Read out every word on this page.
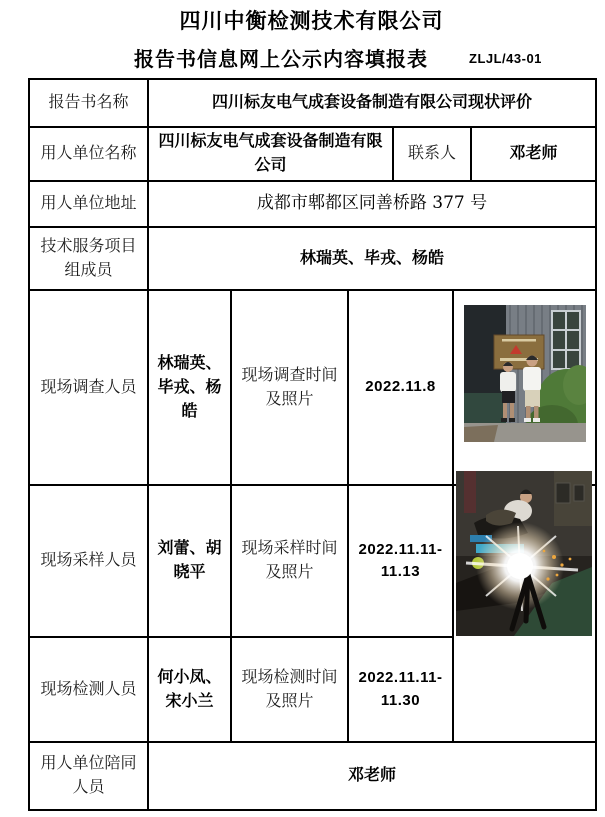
四川中衡检测技术有限公司
报告书信息网上公示内容填报表	ZLJL/43-01
报告书名称	四川标友电气成套设备制造有限公司现状评价					
用人单位名称	四川标友电气成套设备制造有限
公司			联系人		邓老师
用人单位地址	成都市郫都区同善桥路 377 号					

技术服务项目
组成员	林瑞英、毕戎、杨皓					
现场调查人员	林瑞英、
毕戎、杨
皓	现场调查时间
及照片	2022.11.8	

现场采样人员	刘蕾、胡
晓平	现场采样时间
及照片	2022.11.11-
11.13

现场检测人员	何小凤、
宋小兰	现场检测时间
及照片	2022.11.11-
11.30			

用人单位陪同
人员	邓老师					
